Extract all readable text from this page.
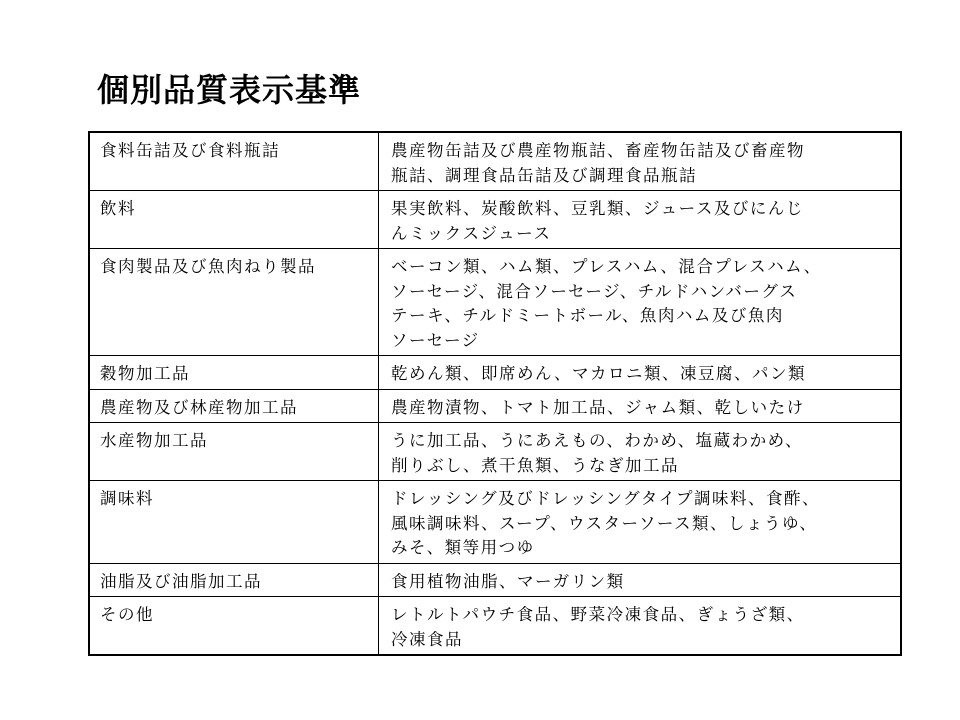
個別品質表示基準
食料缶詰及び食料瓶詰	農産物缶詰及び農産物瓶詰、畜産物缶詰及び畜産物
瓶詰、調理食品缶詰及び調理食品瓶詰
飲料	果実飲料、炭酸飲料、豆乳類、ジュース及びにんじ
んミックスジュース
食肉製品及び魚肉ねり製品	ベーコン類、ハム類、プレスハム、混合プレスハム、
ソーセージ、混合ソーセージ、チルドハンバーグス
テーキ、チルドミートボール、魚肉ハム及び魚肉
ソーセージ
穀物加工品	乾めん類、即席めん、マカロニ類、凍豆腐、パン類
農産物及び林産物加工品	農産物漬物、トマト加工品、ジャム類、乾しいたけ
水産物加工品	うに加工品、うにあえもの、わかめ、塩蔵わかめ、
削りぶし、煮干魚類、うなぎ加工品
調味料	ドレッシング及びドレッシングタイプ調味料、食酢、
風味調味料、スープ、ウスターソース類、しょうゆ、
みそ、類等用つゆ
油脂及び油脂加工品	食用植物油脂、マーガリン類
その他	レトルトパウチ食品、野菜冷凍食品、ぎょうざ類、
冷凍食品
